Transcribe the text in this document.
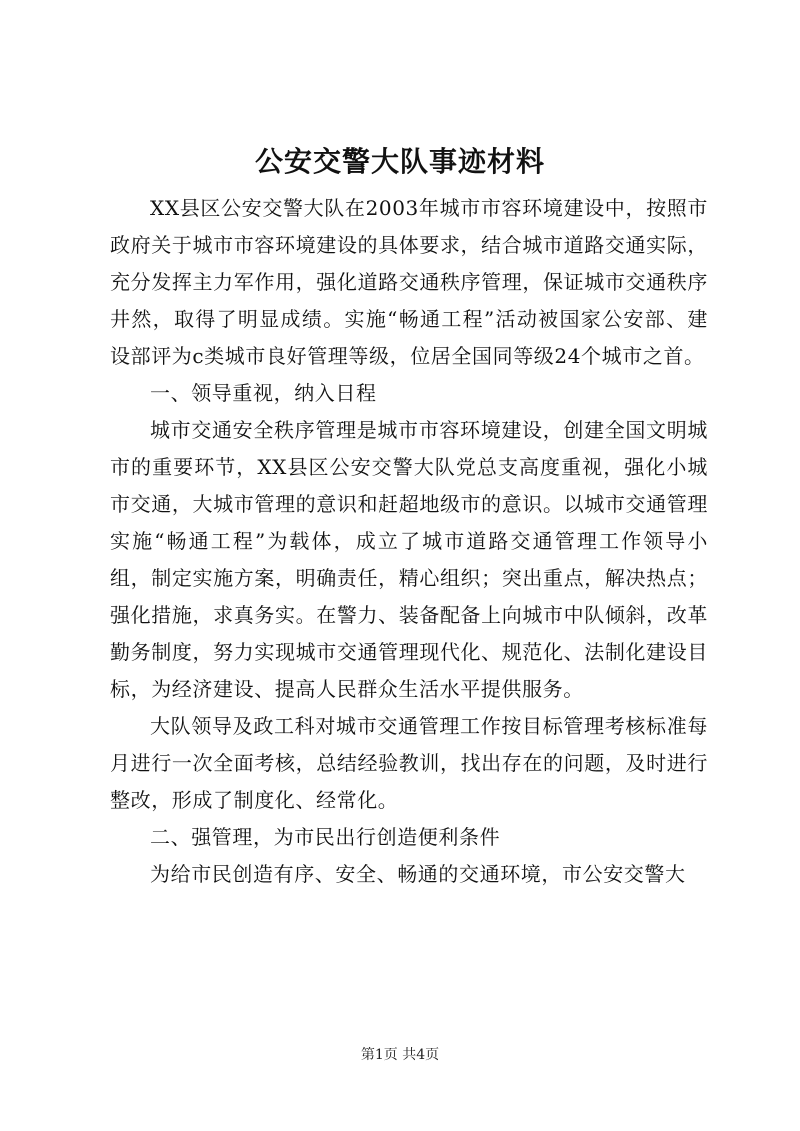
公安交警大队事迹材料

XX县区公安交警大队在2003年城市市容环境建设中，按照市政府关于城市市容环境建设的具体要求，结合城市道路交通实际，充分发挥主力军作用，强化道路交通秩序管理，保证城市交通秩序井然，取得了明显成绩。实施“畅通工程”活动被国家公安部、建设部评为c类城市良好管理等级，位居全国同等级24个城市之首。

一、领导重视，纳入日程

城市交通安全秩序管理是城市市容环境建设，创建全国文明城市的重要环节，XX县区公安交警大队党总支高度重视，强化小城市交通，大城市管理的意识和赶超地级市的意识。以城市交通管理实施“畅通工程”为载体，成立了城市道路交通管理工作领导小组，制定实施方案，明确责任，精心组织；突出重点，解决热点；强化措施，求真务实。在警力、装备配备上向城市中队倾斜，改革勤务制度，努力实现城市交通管理现代化、规范化、法制化建设目标，为经济建设、提高人民群众生活水平提供服务。

大队领导及政工科对城市交通管理工作按目标管理考核标准每月进行一次全面考核，总结经验教训，找出存在的问题，及时进行整改，形成了制度化、经常化。

二、强管理，为市民出行创造便利条件

为给市民创造有序、安全、畅通的交通环境，市公安交警大

第1页 共4页
